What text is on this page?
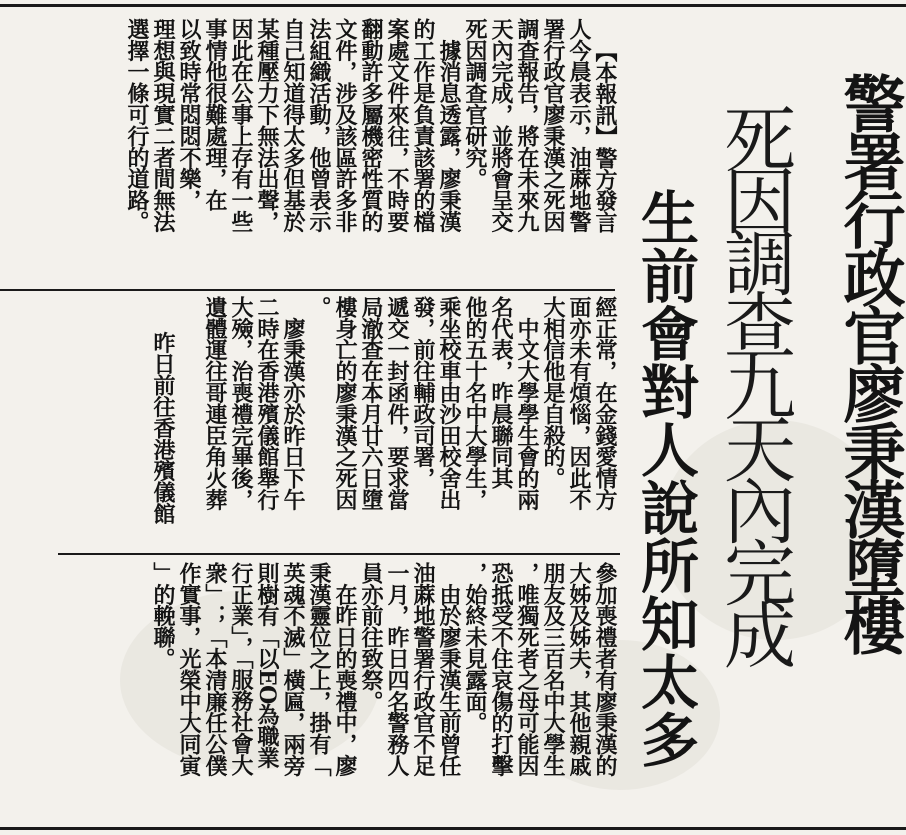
警署行政官廖秉漢墮樓
死因調查九天內完成
生前會對人說所知太多
【本報訊】警方發言
人今晨表示，油蔴地警
署行政官廖秉漢之死因
調查報告，將在未來九
天內完成，並將會呈交
死因調查官研究。
　據消息透露，廖秉漢
的工作是負責該署的檔
案處文件來往，不時要
翻動許多屬機密性質的
文件，涉及該區許多非
法組織活動，他曾表示
自己知道得太多但基於
某種壓力下無法出聲，
因此在公事上存有一些
事情他很難處理，在
以致時常悶悶不樂，
理想與現實二者間無法
選擇一條可行的道路。
經正常，在金錢愛情方
面亦未有煩惱，因此不
大相信他是自殺的。
　中文大學學生會的兩
名代表，昨晨聯同其
他的五十名中大學生，
乘坐校車由沙田校舍出
發，前往輔政司署，
遞交一封函件，要求當
局澈查在本月廿六日墮
樓身亡的廖秉漢之死因
。
　廖秉漢亦於昨日下午
二時在香港殯儀館舉行
大殮，治喪禮完畢後，
遺體運往哥連臣角火葬
　昨日前往香港殯儀館
參加喪禮者有廖秉漢的
大姊及姊夫，其他親戚
朋友及三百名中大學生
，唯獨死者之母可能因
恐抵受不住哀傷的打擊
，始終未見露面。
　由於廖秉漢生前曾任
油蔴地警署行政官不足
一月，昨日四名警務人
員亦前往致祭。
　在昨日的喪禮中，廖
秉漢靈位之上，掛有「
英魂不滅」橫匾，兩旁
則樹有「以EO為職業
行正業」，「服務社會大
衆」；「本清廉任公僕
作實事，光榮中大同寅
」的輓聯。
